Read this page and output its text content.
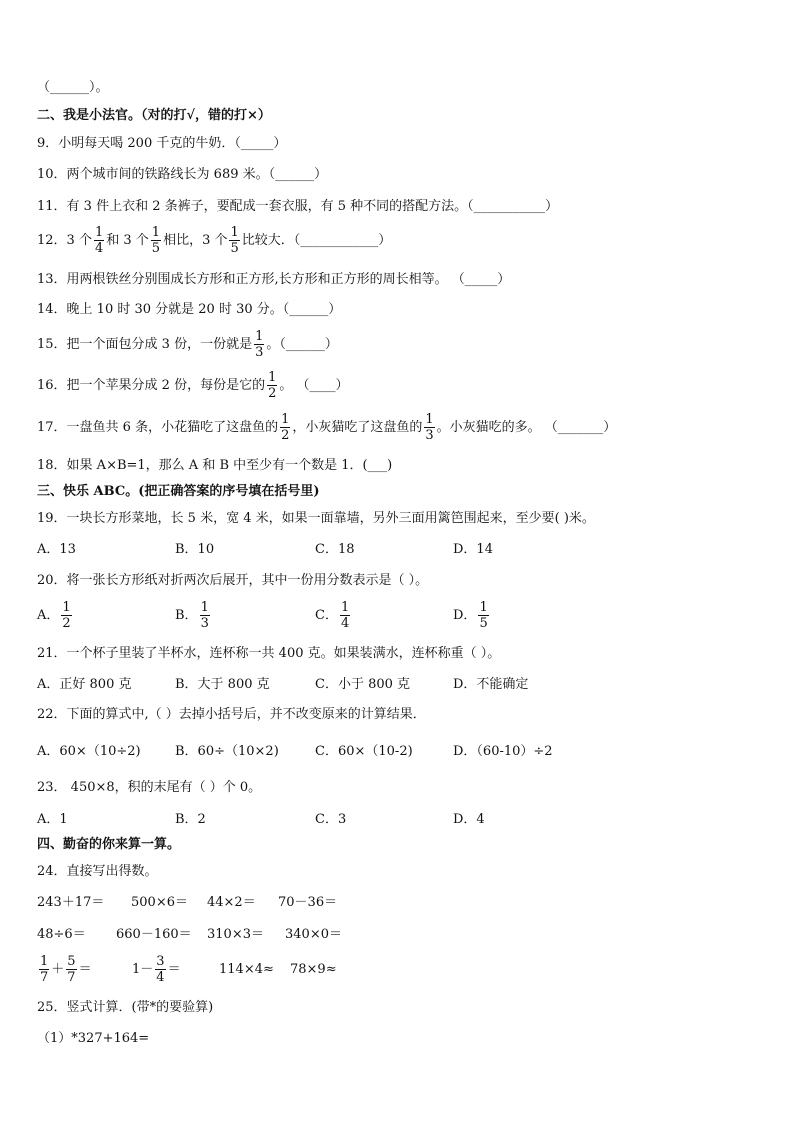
（______）。
二、我是小法官。（对的打√，错的打×）
9．小明每天喝 200 千克的牛奶．（_____）
10．两个城市间的铁路线长为 689 米。（______）
11．有 3 件上衣和 2 条裤子，要配成一套衣服，有 5 种不同的搭配方法。（___________）
12．3 个 $\frac{1}{4}$ 和 3 个 $\frac{1}{5}$ 相比，3 个 $\frac{1}{5}$ 比较大．（____________）
13．用两根铁丝分别围成长方形和正方形,长方形和正方形的周长相等。 （_____）
14．晚上 10 时 30 分就是 20 时 30 分。（______）
15．把一个面包分成 3 份，一份就是 $\frac{1}{3}$ 。（______）
16．把一个苹果分成 2 份，每份是它的 $\frac{1}{2}$ 。 （____）
17．一盘鱼共 6 条，小花猫吃了这盘鱼的 $\frac{1}{2}$ ，小灰猫吃了这盘鱼的 $\frac{1}{3}$ 。小灰猫吃的多。 （_______）
18．如果 A×B=1，那么 A 和 B 中至少有一个数是 1．(___)
三、快乐 ABC。(把正确答案的序号填在括号里)
19．一块长方形菜地，长 5 米，宽 4 米，如果一面靠墙，另外三面用篱笆围起来，至少要( )米。
A．13	B．10	C．18	D．14
20．将一张长方形纸对折两次后展开，其中一份用分数表示是（ ）。
A． $\frac{1}{2}$	B． $\frac{1}{3}$	C． $\frac{1}{4}$	D． $\frac{1}{5}$
21．一个杯子里装了半杯水，连杯称一共 400 克。如果装满水，连杯称重（ ）。
A．正好 800 克	B．大于 800 克	C．小于 800 克	D．不能确定
22．下面的算式中,（ ）去掉小括号后，并不改变原来的计算结果．
A．60×（10÷2)	B．60÷（10×2)	C．60×（10-2)	D．（60-10）÷2
23． 450×8，积的末尾有（ ）个 0。
A．1	B．2	C．3	D．4
四、勤奋的你来算一算。
24．直接写出得数。
243＋17＝ 500×6＝ 44×2＝ 70－36＝
48÷6＝ 660－160＝ 310×3＝ 340×0＝
$\frac{1}{7} + \frac{5}{7}$ ＝	$1- \frac{3}{4}$ ＝	114×4≈ 78×9≈
25．竖式计算．(带*的要验算)
（1）*327+164=
